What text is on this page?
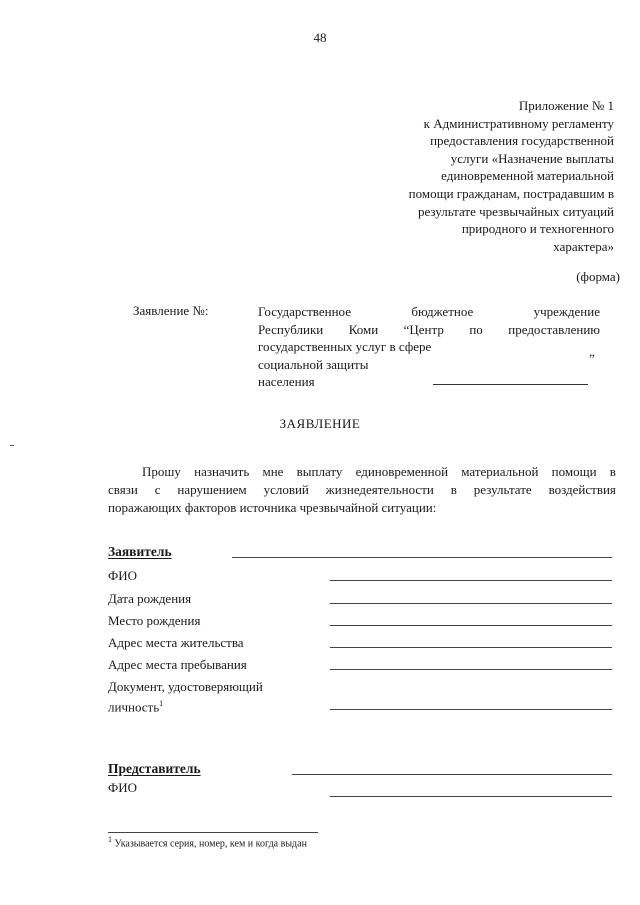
48
Приложение № 1
к Административному регламенту
предоставления государственной
услуги «Назначение выплаты
единовременной материальной
помощи гражданам, пострадавшим в
результате чрезвычайных ситуаций
природного и техногенного
характера»
(форма)
Заявление №:	Государственное	бюджетное	учреждение
Республики Коми “Центр по предоставлению
государственных услуг в сфере
социальной защиты
населения
”
ЗАЯВЛЕНИЕ
Прошу назначить мне выплату единовременной материальной помощи в
связи с нарушением условий жизнедеятельности в результате воздействия
поражающих факторов источника чрезвычайной ситуации:
Заявитель
ФИО
Дата рождения
Место рождения
Адрес места жительства
Адрес места пребывания
Документ, удостоверяющий
личность$^1$
Представитель
ФИО
$^1$ Указывается серия, номер, кем и когда выдан
